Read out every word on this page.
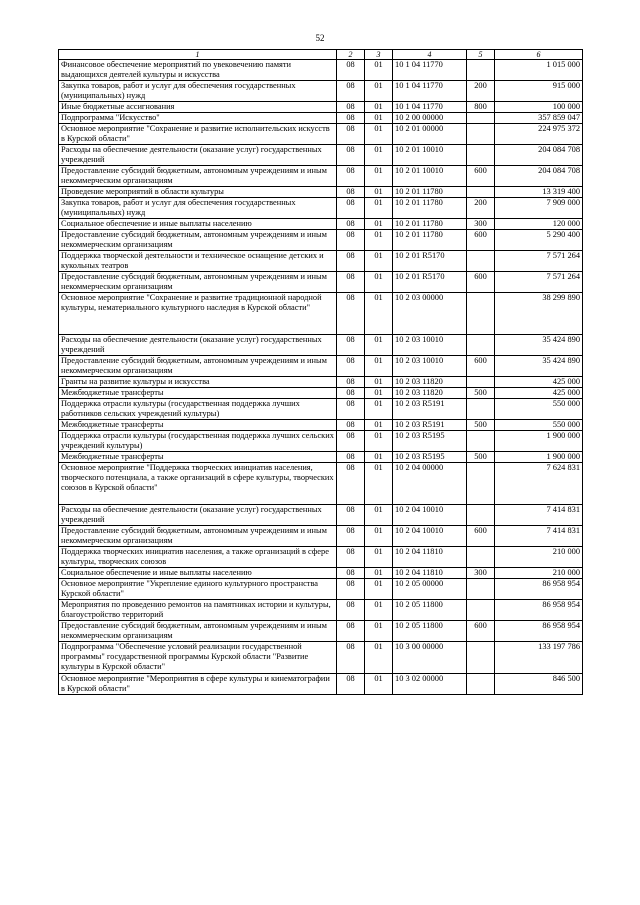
52
1	2	3	4	5	6
Финансовое обеспечение мероприятий по увековечению памяти выдающихся деятелей культуры и искусства	08	01	10 1 04 11770		1 015 000
Закупка товаров, работ и услуг для обеспечения государственных (муниципальных) нужд	08	01	10 1 04 11770	200	915 000
Иные бюджетные ассигнования	08	01	10 1 04 11770	800	100 000
Подпрограмма "Искусство"	08	01	10 2 00 00000		357 859 047
Основное мероприятие "Сохранение и развитие исполнительских искусств в Курской области"	08	01	10 2 01 00000		224 975 372
Расходы на обеспечение деятельности (оказание услуг) государственных учреждений	08	01	10 2 01 10010		204 084 708
Предоставление субсидий бюджетным, автономным учреждениям и иным некоммерческим организациям	08	01	10 2 01 10010	600	204 084 708
Проведение мероприятий в области культуры	08	01	10 2 01 11780		13 319 400
Закупка товаров, работ и услуг для обеспечения государственных (муниципальных) нужд	08	01	10 2 01 11780	200	7 909 000
Социальное обеспечение и иные выплаты населению	08	01	10 2 01 11780	300	120 000
Предоставление субсидий бюджетным, автономным учреждениям и иным некоммерческим организациям	08	01	10 2 01 11780	600	5 290 400
Поддержка творческой деятельности и техническое оснащение детских и кукольных театров	08	01	10 2 01 R5170		7 571 264
Предоставление субсидий бюджетным, автономным учреждениям и иным некоммерческим организациям	08	01	10 2 01 R5170	600	7 571 264
Основное мероприятие "Сохранение и развитие традиционной народной культуры, нематериального культурного наследия в Курской области"	08	01	10 2 03 00000		38 299 890
Расходы на обеспечение деятельности (оказание услуг) государственных учреждений	08	01	10 2 03 10010		35 424 890
Предоставление субсидий бюджетным, автономным учреждениям и иным некоммерческим организациям	08	01	10 2 03 10010	600	35 424 890
Гранты на развитие культуры и искусства	08	01	10 2 03 11820		425 000
Межбюджетные трансферты	08	01	10 2 03 11820	500	425 000
Поддержка отрасли культуры (государственная поддержка лучших работников сельских учреждений культуры)	08	01	10 2 03 R5191		550 000
Межбюджетные трансферты	08	01	10 2 03 R5191	500	550 000
Поддержка отрасли культуры (государственная поддержка лучших сельских учреждений культуры)	08	01	10 2 03 R5195		1 900 000
Межбюджетные трансферты	08	01	10 2 03 R5195	500	1 900 000
Основное мероприятие "Поддержка творческих инициатив населения, творческого потенциала, а также организаций в сфере культуры, творческих союзов в Курской области"	08	01	10 2 04 00000		7 624 831
Расходы на обеспечение деятельности (оказание услуг) государственных учреждений	08	01	10 2 04 10010		7 414 831
Предоставление субсидий бюджетным, автономным учреждениям и иным некоммерческим организациям	08	01	10 2 04 10010	600	7 414 831
Поддержка творческих инициатив населения, а также организаций в сфере культуры, творческих союзов	08	01	10 2 04 11810		210 000
Социальное обеспечение и иные выплаты населению	08	01	10 2 04 11810	300	210 000
Основное мероприятие "Укрепление единого культурного пространства Курской области"	08	01	10 2 05 00000		86 958 954
Мероприятия по проведению ремонтов на памятниках истории и культуры, благоустройство территорий	08	01	10 2 05 11800		86 958 954
Предоставление субсидий бюджетным, автономным учреждениям и иным некоммерческим организациям	08	01	10 2 05 11800	600	86 958 954
Подпрограмма "Обеспечение условий реализации государственной программы" государственной программы Курской области "Развитие культуры в Курской области"	08	01	10 3 00 00000		133 197 786
Основное мероприятие "Мероприятия в сфере культуры и кинематографии в Курской области"	08	01	10 3 02 00000		846 500
